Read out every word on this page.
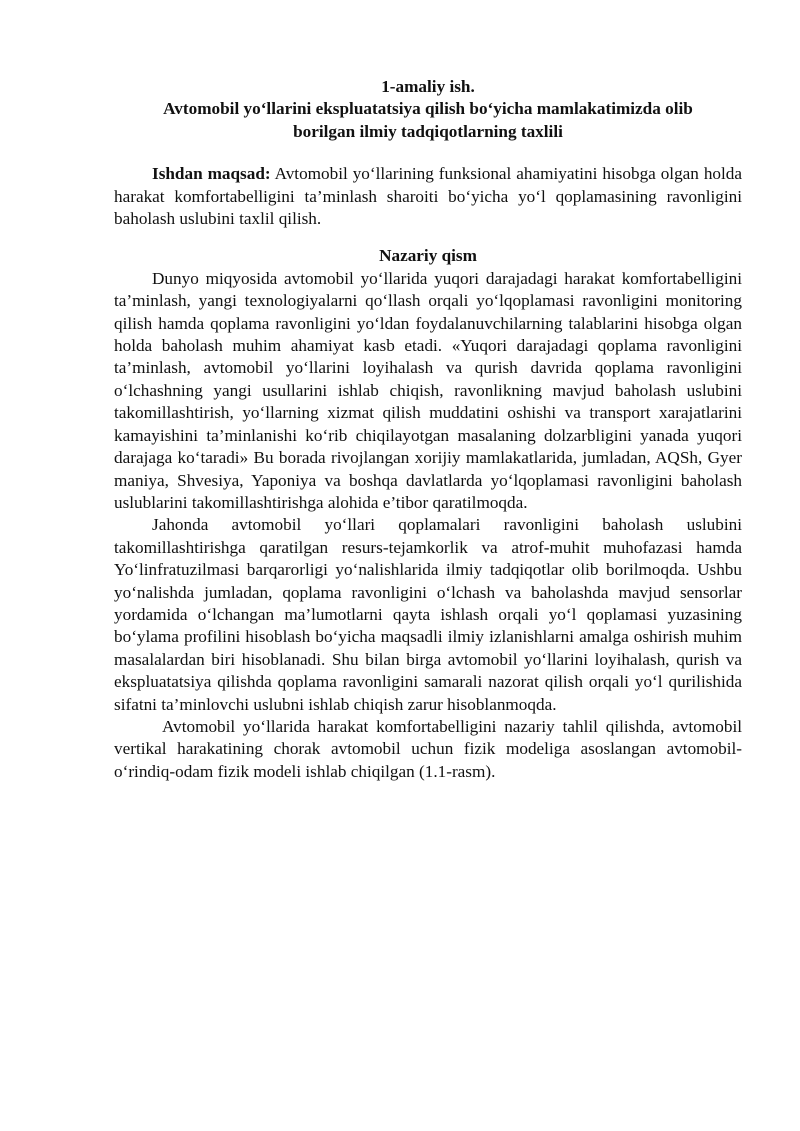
1-amaliy ish.
Avtomobil yo‘llarini ekspluatatsiya qilish bo‘yicha mamlakatimizda olib
borilgan ilmiy tadqiqotlarning taxlili

Ishdan maqsad: Avtomobil yo‘llarining funksional ahamiyatini hisobga olgan holda harakat komfortabelligini ta’minlash sharoiti bo‘yicha yo‘l qoplamasining ravonligini baholash uslubini taxlil qilish.

Nazariy qism

Dunyo miqyosida avtomobil yo‘llarida yuqori darajadagi harakat komfortabelligini ta’minlash, yangi texnologiyalarni qo‘llash orqali yo‘lqoplamasi ravonligini monitoring qilish hamda qoplama ravonligini yo‘ldan foydalanuvchilarning talablarini hisobga olgan holda baholash muhim ahamiyat kasb etadi. «Yuqori darajadagi qoplama ravonligini ta’minlash, avtomobil yo‘llarini loyihalash va qurish davrida qoplama ravonligini o‘lchashning yangi usullarini ishlab chiqish, ravonlikning mavjud baholash uslubini takomillashtirish, yo‘llarning xizmat qilish muddatini oshishi va transport xarajatlarini kamayishini ta’minlanishi ko‘rib chiqilayotgan masalaning dolzarbligini yanada yuqori darajaga ko‘taradi» Bu borada rivojlangan xorijiy mamlakatlarida, jumladan, AQSh, Gyer maniya, Shvesiya, Yaponiya va boshqa davlatlarda yo‘lqoplamasi ravonligini baholash uslublarini takomillashtirishga alohida e’tibor qaratilmoqda.

Jahonda avtomobil yo‘llari qoplamalari ravonligini baholash uslubini takomillashtirishga qaratilgan resurs-tejamkorlik va atrof-muhit muhofazasi hamda Yo‘linfratuzilmasi barqarorligi yo‘nalishlarida ilmiy tadqiqotlar olib borilmoqda. Ushbu yo‘nalishda jumladan, qoplama ravonligini o‘lchash va baholashda mavjud sensorlar yordamida o‘lchangan ma’lumotlarni qayta ishlash orqali yo‘l qoplamasi yuzasining bo‘ylama profilini hisoblash bo‘yicha maqsadli ilmiy izlanishlarni amalga oshirish muhim masalalardan biri hisoblanadi. Shu bilan birga avtomobil yo‘llarini loyihalash, qurish va ekspluatatsiya qilishda qoplama ravonligini samarali nazorat qilish orqali yo‘l qurilishida sifatni ta’minlovchi uslubni ishlab chiqish zarur hisoblanmoqda.

Avtomobil yo‘llarida harakat komfortabelligini nazariy tahlil qilishda, avtomobil vertikal harakatining chorak avtomobil uchun fizik modeliga asoslangan avtomobil-o‘rindiq-odam fizik modeli ishlab chiqilgan (1.1-rasm).
